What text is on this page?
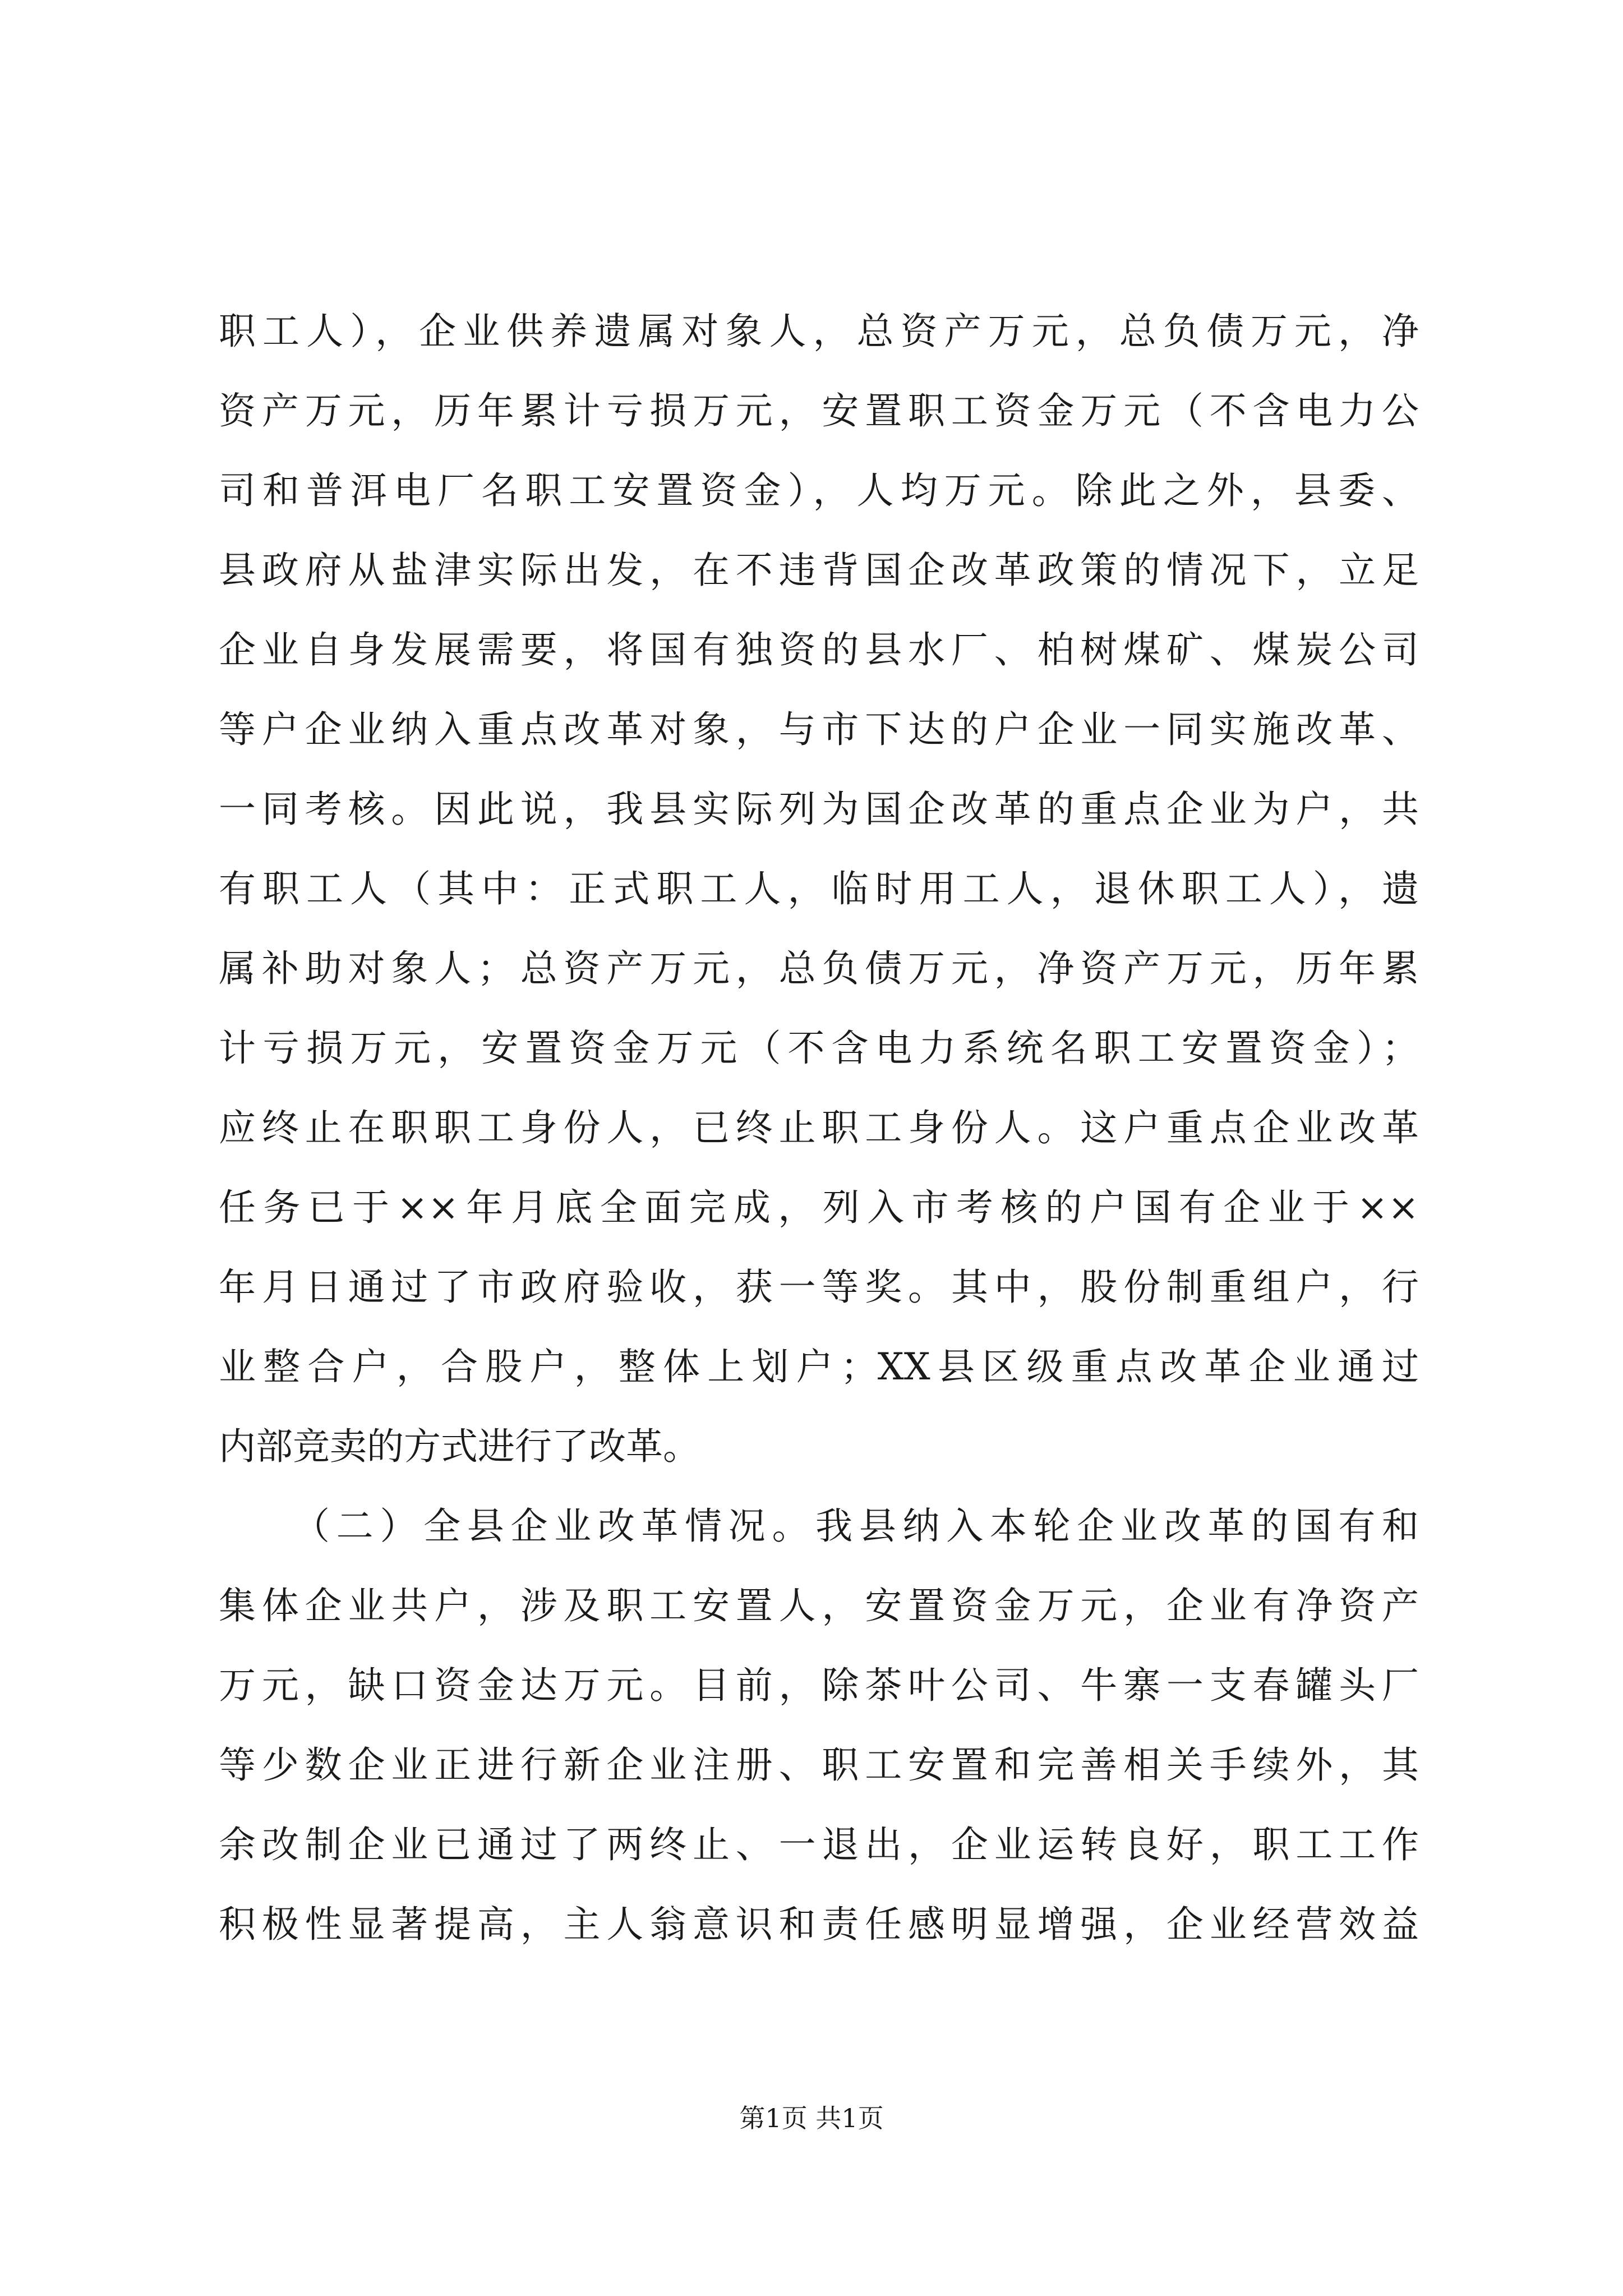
职工人），企业供养遗属对象人，总资产万元，总负债万元，净
资产万元，历年累计亏损万元，安置职工资金万元（不含电力公
司和普洱电厂名职工安置资金），人均万元。除此之外，县委、
县政府从盐津实际出发，在不违背国企改革政策的情况下，立足
企业自身发展需要，将国有独资的县水厂、柏树煤矿、煤炭公司
等户企业纳入重点改革对象，与市下达的户企业一同实施改革、
一同考核。因此说，我县实际列为国企改革的重点企业为户，共
有职工人（其中：正式职工人，临时用工人，退休职工人），遗
属补助对象人；总资产万元，总负债万元，净资产万元，历年累
计亏损万元，安置资金万元（不含电力系统名职工安置资金）；
应终止在职职工身份人，已终止职工身份人。这户重点企业改革
任务已于××年月底全面完成，列入市考核的户国有企业于××
年月日通过了市政府验收，获一等奖。其中，股份制重组户，行
业整合户，合股户，整体上划户；XX县区级重点改革企业通过
内部竞卖的方式进行了改革。
（二）全县企业改革情况。我县纳入本轮企业改革的国有和
集体企业共户，涉及职工安置人，安置资金万元，企业有净资产
万元，缺口资金达万元。目前，除茶叶公司、牛寨一支春罐头厂
等少数企业正进行新企业注册、职工安置和完善相关手续外，其
余改制企业已通过了两终止、一退出，企业运转良好，职工工作
积极性显著提高，主人翁意识和责任感明显增强，企业经营效益
第1页 共1页
